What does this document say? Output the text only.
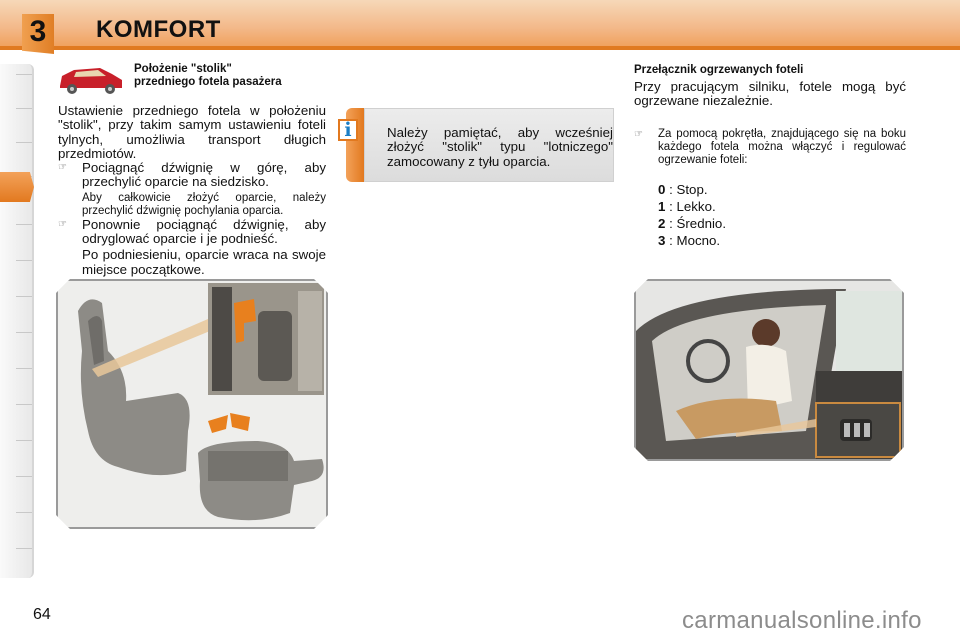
3	KOMFORT
Położenie "stolik"
przedniego fotela pasażera

Ustawienie przedniego fotela w położeniu "stolik", przy takim samym ustawieniu foteli tylnych, umożliwia transport długich przedmiotów.

☞ Pociągnąć dźwignię w górę, aby przechylić oparcie na siedzisko.
Aby całkowicie złożyć oparcie, należy przechylić dźwignię pochylania oparcia.
☞ Ponownie pociągnąć dźwignię, aby odryglować oparcie i je podnieść.
Po podniesieniu, oparcie wraca na swoje miejsce początkowe.
Należy pamiętać, aby wcześniej złożyć "stolik" typu "lotniczego" zamocowany z tyłu oparcia.
i
Przełącznik ogrzewanych foteli
Przy pracującym silniku, fotele mogą być ogrzewane niezależnie.
☞ Za pomocą pokrętła, znajdującego się na boku każdego fotela można włączyć i regulować ogrzewanie foteli:
0 : Stop.
1 : Lekko.
2 : Średnio.
3 : Mocno.
64	carmanualsonline.info
